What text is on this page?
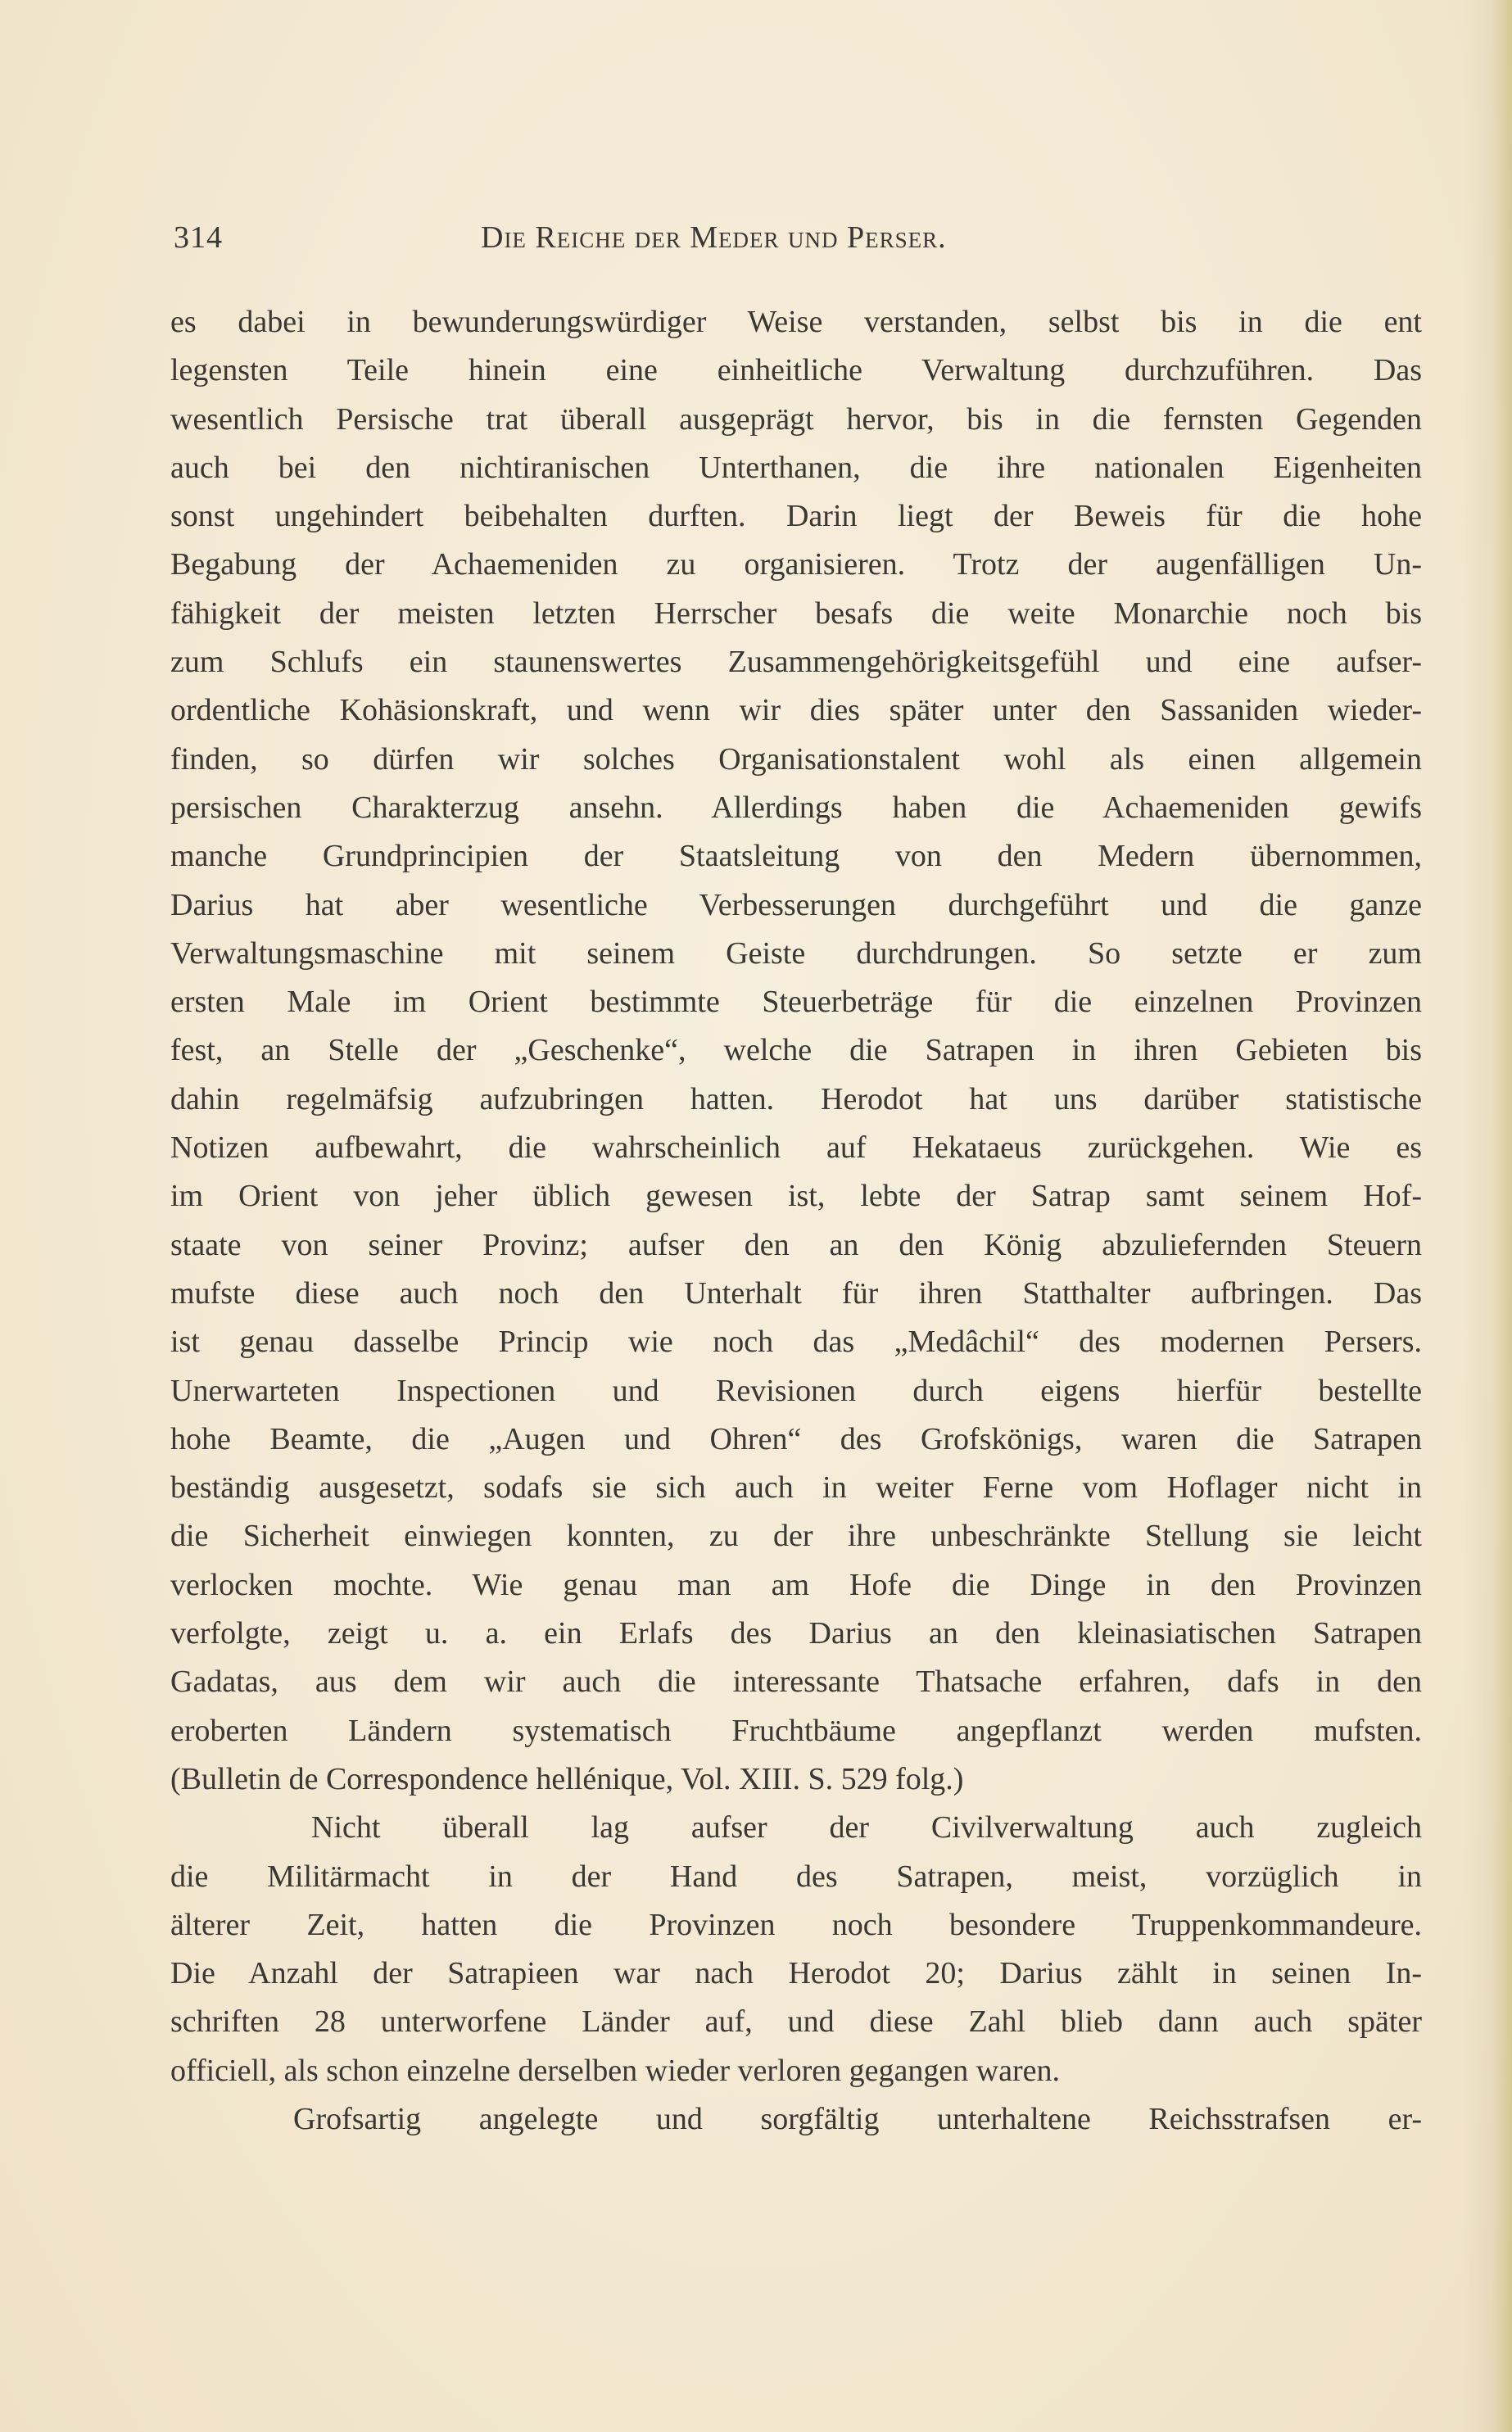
314	Die Reiche der Meder und Perser.
es dabei in bewunderungswürdiger Weise verstanden, selbst bis in die ent
legensten Teile hinein eine einheitliche Verwaltung durchzuführen. Das
wesentlich Persische trat überall ausgeprägt hervor, bis in die fernsten Gegenden
auch bei den nichtiranischen Unterthanen, die ihre nationalen Eigenheiten
sonst ungehindert beibehalten durften. Darin liegt der Beweis für die hohe
Begabung der Achaemeniden zu organisieren. Trotz der augenfälligen Un-
fähigkeit der meisten letzten Herrscher besafs die weite Monarchie noch bis
zum Schlufs ein staunenswertes Zusammengehörigkeitsgefühl und eine aufser-
ordentliche Kohäsionskraft, und wenn wir dies später unter den Sassaniden wieder-
finden, so dürfen wir solches Organisationstalent wohl als einen allgemein
persischen Charakterzug ansehn. Allerdings haben die Achaemeniden gewifs
manche Grundprincipien der Staatsleitung von den Medern übernommen,
Darius hat aber wesentliche Verbesserungen durchgeführt und die ganze
Verwaltungsmaschine mit seinem Geiste durchdrungen. So setzte er zum
ersten Male im Orient bestimmte Steuerbeträge für die einzelnen Provinzen
fest, an Stelle der „Geschenke“, welche die Satrapen in ihren Gebieten bis
dahin regelmäfsig aufzubringen hatten. Herodot hat uns darüber statistische
Notizen aufbewahrt, die wahrscheinlich auf Hekataeus zurückgehen. Wie es
im Orient von jeher üblich gewesen ist, lebte der Satrap samt seinem Hof-
staate von seiner Provinz; aufser den an den König abzuliefernden Steuern
mufste diese auch noch den Unterhalt für ihren Statthalter aufbringen. Das
ist genau dasselbe Princip wie noch das „Medâchil“ des modernen Persers.
Unerwarteten Inspectionen und Revisionen durch eigens hierfür bestellte
hohe Beamte, die „Augen und Ohren“ des Grofskönigs, waren die Satrapen
beständig ausgesetzt, sodafs sie sich auch in weiter Ferne vom Hoflager nicht in
die Sicherheit einwiegen konnten, zu der ihre unbeschränkte Stellung sie leicht
verlocken mochte. Wie genau man am Hofe die Dinge in den Provinzen
verfolgte, zeigt u. a. ein Erlafs des Darius an den kleinasiatischen Satrapen
Gadatas, aus dem wir auch die interessante Thatsache erfahren, dafs in den
eroberten Ländern systematisch Fruchtbäume angepflanzt werden mufsten.
(Bulletin de Correspondence hellénique, Vol. XIII. S. 529 folg.)
Nicht überall lag aufser der Civilverwaltung auch zugleich
die Militärmacht in der Hand des Satrapen, meist, vorzüglich in
älterer Zeit, hatten die Provinzen noch besondere Truppenkommandeure.
Die Anzahl der Satrapieen war nach Herodot 20; Darius zählt in seinen In-
schriften 28 unterworfene Länder auf, und diese Zahl blieb dann auch später
officiell, als schon einzelne derselben wieder verloren gegangen waren.
Grofsartig angelegte und sorgfältig unterhaltene Reichsstrafsen er-
